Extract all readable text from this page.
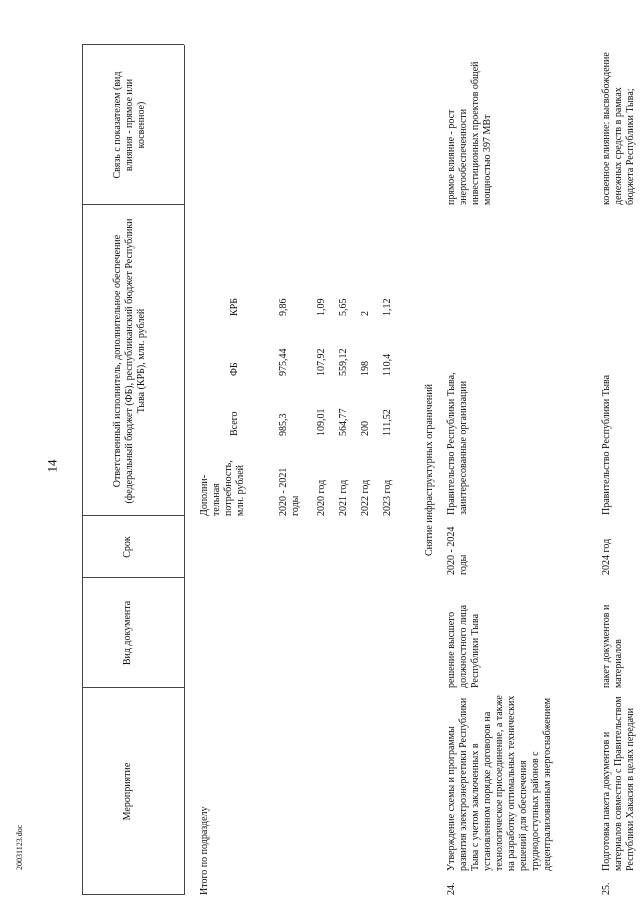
14
20031123.doc
Мероприятие
Вид документа
Срок
Ответственный исполнитель, дополнительное обеспечение (федеральный бюджет (ФБ), республиканский бюджет Республики Тыва (КРБ), млн. рублей
Связь с показателем (вид влияния - прямое или косвенное)
Итого по подразделу
Дополни-тельная потребность, млн. рублей
Всего
ФБ
КРБ
2020 - 2021 годы
985,3
975,44
9,86
2020 год
109,01
107,92
1,09
2021 год
564,77
559,12
5,65
2022 год
200
198
2
2023 год
111,52
110,4
1,12
Снятие инфраструктурных ограничений
24.
Утверждение схемы и программы развития электроэнергетики Республики Тыва с учетом заключенных в установленном порядке договоров на технологическое присоединение, а также на разработку оптимальных технических решений для обеспечения труднодоступных районов с децентрализованным энергоснабжением
решение высшего должностного лица Республики Тыва
2020 - 2024 годы
Правительство Республики Тыва, заинтересованные организации
прямое влияние - рост энергообеспеченности инвестиционных проектов общей мощностью 397 МВт
25.
Подготовка пакета документов и материалов совместно с Правительством Республики Хакасия в целях передачи
пакет документов и материалов
2024 год
Правительство Республики Тыва
косвенное влияние: высвобождение денежных средств в рамках бюджета Республики Тыва;
